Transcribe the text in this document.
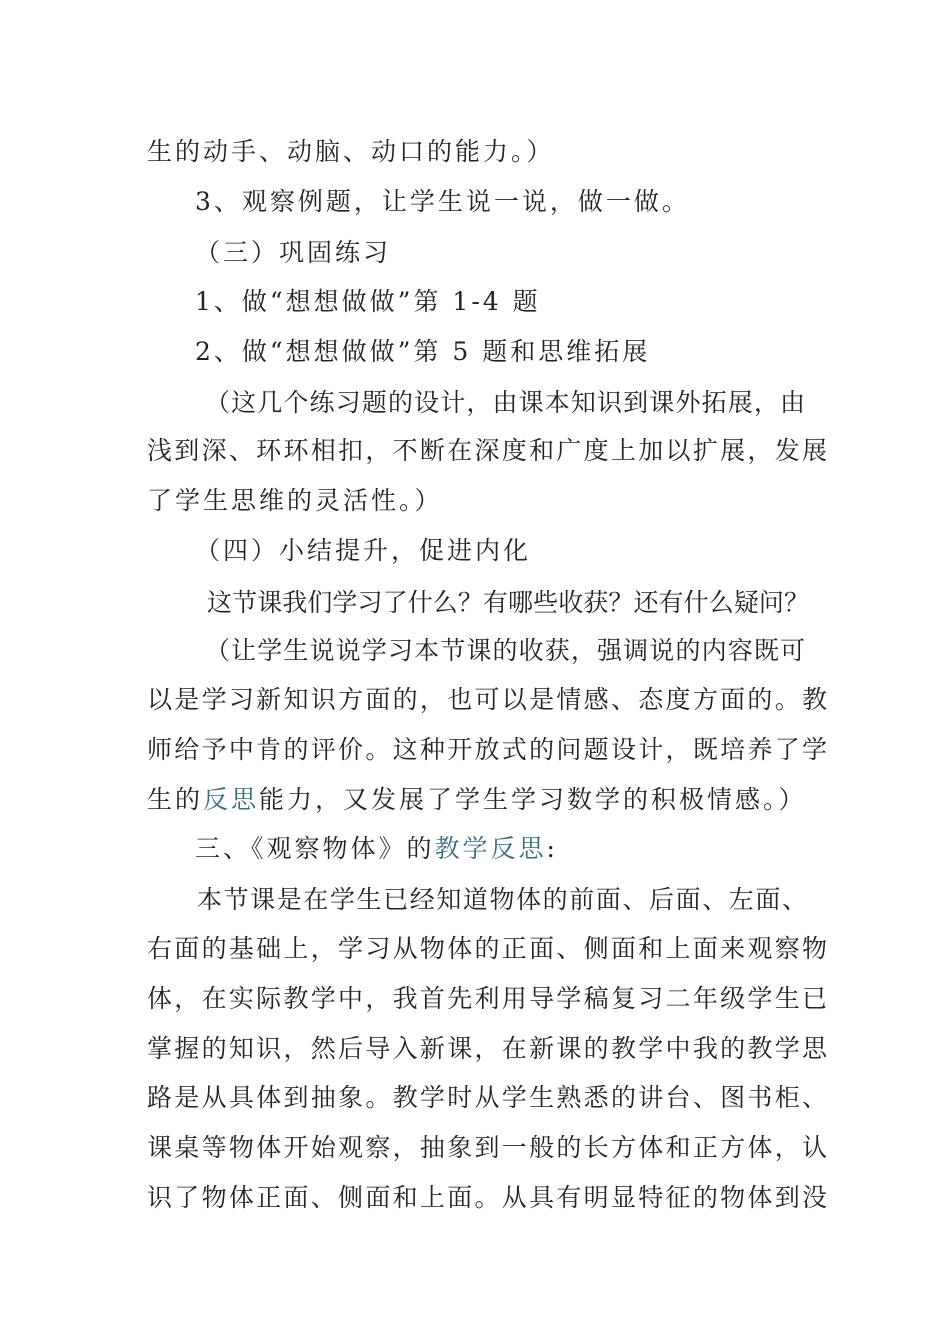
生的动手、动脑、动口的能力。）
3、观察例题，让学生说一说，做一做。
（三）巩固练习
1、做“想想做做”第 1-4 题
2、做“想想做做”第 5 题和思维拓展
（这几个练习题的设计，由课本知识到课外拓展，由
浅到深、环环相扣，不断在深度和广度上加以扩展，发展
了学生思维的灵活性。）
（四）小结提升，促进内化
这节课我们学习了什么？有哪些收获？还有什么疑问？
（让学生说说学习本节课的收获，强调说的内容既可
以是学习新知识方面的，也可以是情感、态度方面的。教
师给予中肯的评价。这种开放式的问题设计，既培养了学
生的反思能力，又发展了学生学习数学的积极情感。）
三、《观察物体》的教学反思:
本节课是在学生已经知道物体的前面、后面、左面、
右面的基础上，学习从物体的正面、侧面和上面来观察物
体，在实际教学中，我首先利用导学稿复习二年级学生已
掌握的知识，然后导入新课，在新课的教学中我的教学思
路是从具体到抽象。教学时从学生熟悉的讲台、图书柜、
课桌等物体开始观察，抽象到一般的长方体和正方体，认
识了物体正面、侧面和上面。从具有明显特征的物体到没
